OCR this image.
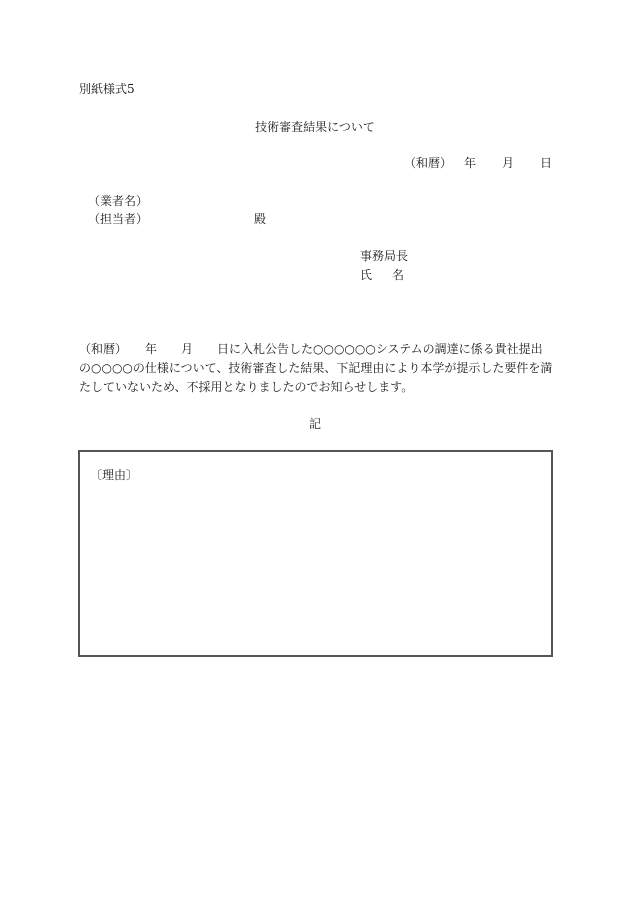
別紙様式5
技術審査結果について
（和暦） 年 月 日
（業者名）
（担当者）	殿
事務局長
氏 名
（和暦）　　年　　月　　日に入札公告した○○○○○○システムの調達に係る貴社提出
の○○○○の仕様について、技術審査した結果、下記理由により本学が提示した要件を満
たしていないため、不採用となりましたのでお知らせします。
記
〔理由〕
